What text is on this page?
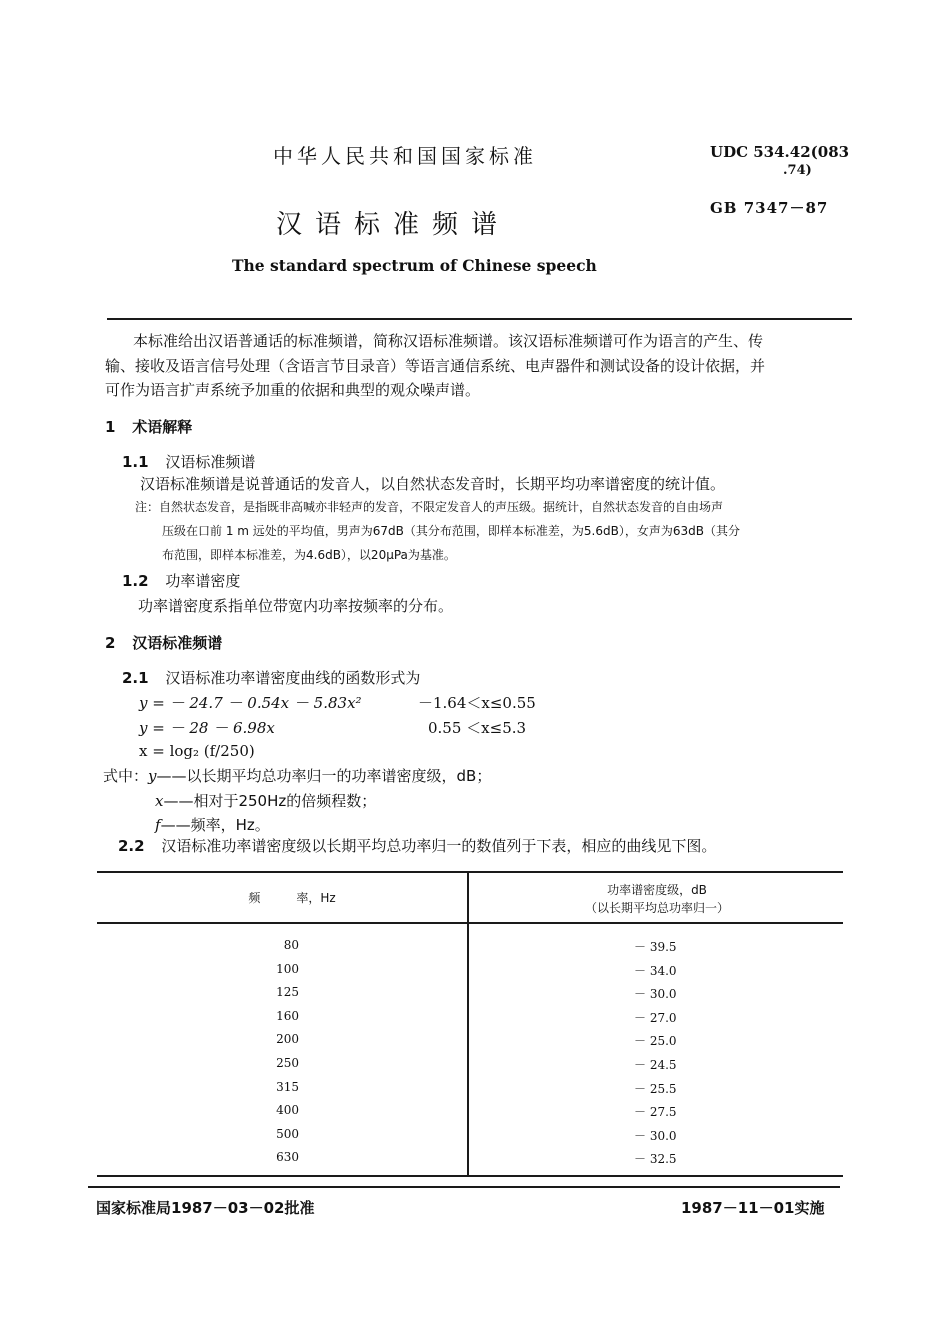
中华人民共和国国家标准
汉语标准频谱
The standard spectrum of Chinese speech
UDC 534.42(083
.74)
GB 7347－87
本标准给出汉语普通话的标准频谱，简称汉语标准频谱。该汉语标准频谱可作为语言的产生、传
输、接收及语言信号处理（含语言节目录音）等语言通信系统、电声器件和测试设备的设计依据，并
可作为语言扩声系统予加重的依据和典型的观众噪声谱。
1 术语解释
1.1 汉语标准频谱
汉语标准频谱是说普通话的发音人，以自然状态发音时，长期平均功率谱密度的统计值。
注：自然状态发音，是指既非高喊亦非轻声的发音，不限定发音人的声压级。据统计，自然状态发音的自由场声
压级在口前 1 m 远处的平均值，男声为67dB（其分布范围，即样本标准差，为5.6dB），女声为63dB（其分
布范围，即样本标准差，为4.6dB），以20μPa为基准。
1.2 功率谱密度
功率谱密度系指单位带宽内功率按频率的分布。
2 汉语标准频谱
2.1 汉语标准功率谱密度曲线的函数形式为
y = － 24.7 － 0.54x － 5.83x²	－1.64＜x≤0.55
y = － 28 － 6.98x	0.55 ＜x≤5.3
x = log₂ (f/250)
式中：y——以长期平均总功率归一的功率谱密度级，dB；
x——相对于250Hz的倍频程数；
f——频率，Hz。
2.2 汉语标准功率谱密度级以长期平均总功率归一的数值列于下表，相应的曲线见下图。
频　　　率，Hz
功率谱密度级，dB
（以长期平均总功率归一）
80	－ 39.5
100	－ 34.0
125	－ 30.0
160	－ 27.0
200	－ 25.0
250	－ 24.5
315	－ 25.5
400	－ 27.5
500	－ 30.0
630	－ 32.5
国家标准局1987－03－02批准	1987－11－01实施
